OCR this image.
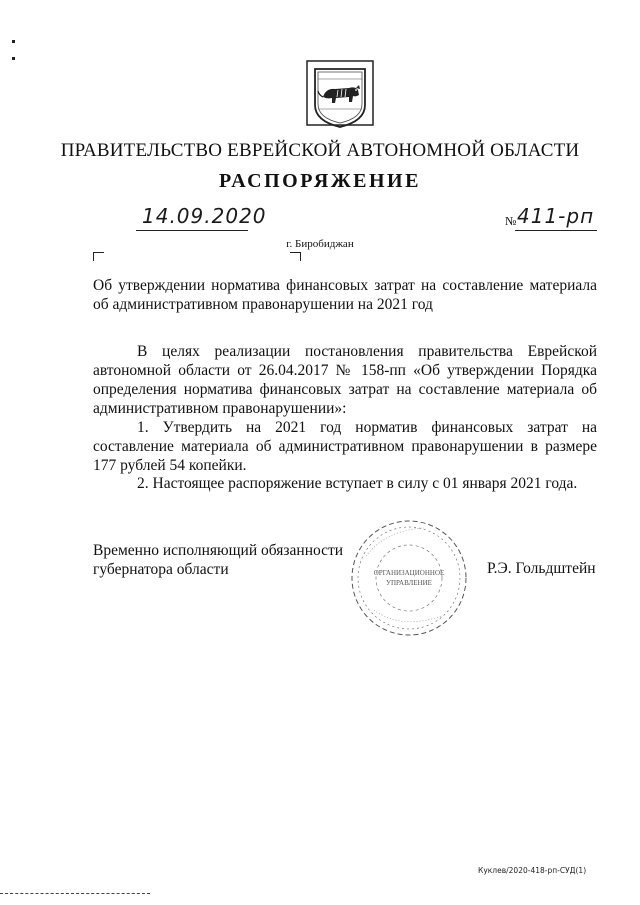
ПРАВИТЕЛЬСТВО ЕВРЕЙСКОЙ АВТОНОМНОЙ ОБЛАСТИ
РАСПОРЯЖЕНИЕ
14.09.2020	№ 411-рп
г. Биробиджан
Об утверждении норматива финансовых затрат на составление материала об административном правонарушении на 2021 год
В целях реализации постановления правительства Еврейской автономной области от 26.04.2017 № 158-пп «Об утверждении Порядка определения норматива финансовых затрат на составление материала об административном правонарушении»:
1. Утвердить на 2021 год норматив финансовых затрат на составление материала об административном правонарушении в размере 177 рублей 54 копейки.
2. Настоящее распоряжение вступает в силу с 01 января 2021 года.
Временно исполняющий обязанности
губернатора области	ОРГАНИЗАЦИОННОЕ
УПРАВЛЕНИЕ
Р.Э. Гольдштейн
Куклев/2020-418-рп-СУД(1)
